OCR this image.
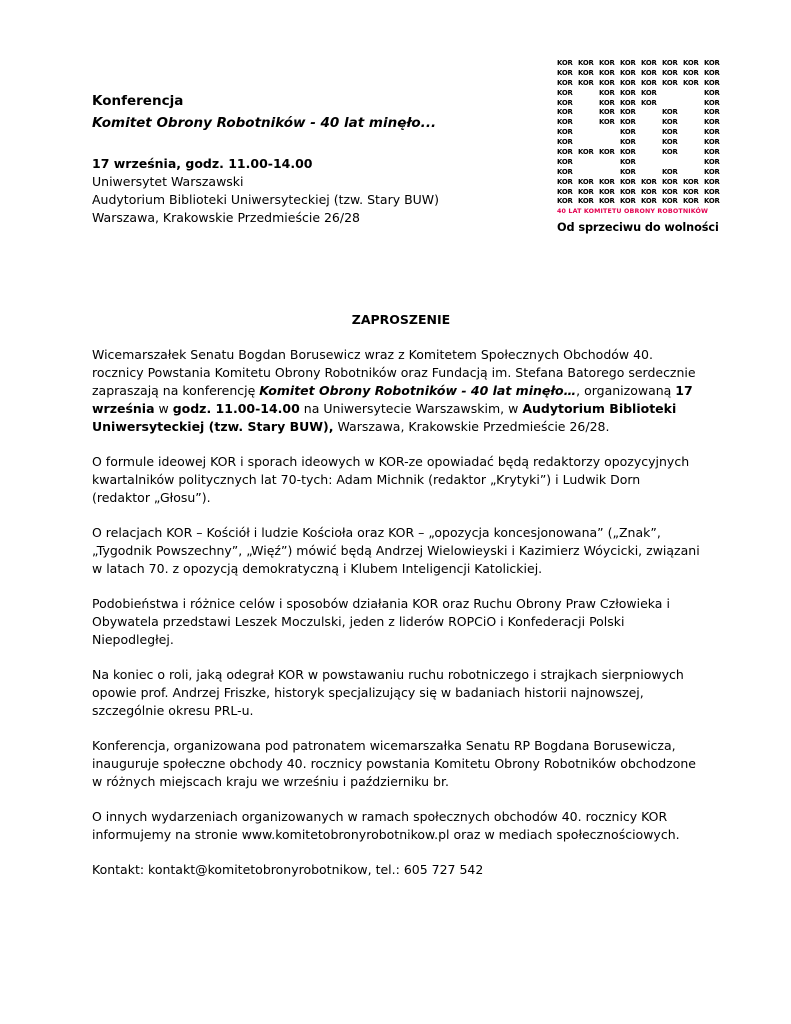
Konferencja

Komitet Obrony Robotników - 40 lat minęło...

17 września, godz. 11.00-14.00
Uniwersytet Warszawski
Audytorium Biblioteki Uniwersyteckiej (tzw. Stary BUW)
Warszawa, Krakowskie Przedmieście 26/28
KOR KOR KOR KOR KOR KOR KOR KOR
KOR KOR KOR KOR KOR KOR KOR KOR
KOR KOR KOR KOR KOR KOR KOR KOR
KOR	KOR KOR KOR	KOR
KOR	KOR KOR KOR	KOR
KOR	KOR KOR	KOR	KOR
KOR	KOR KOR	KOR	KOR
KOR	KOR	KOR	KOR
KOR	KOR	KOR	KOR
KOR KOR KOR KOR	KOR	KOR
KOR	KOR	KOR
KOR	KOR	KOR	KOR
KOR KOR KOR KOR KOR KOR KOR KOR
KOR KOR KOR KOR KOR KOR KOR KOR
KOR KOR KOR KOR KOR KOR KOR KOR
40 LAT KOMITETU OBRONY ROBOTNIKÓW
Od sprzeciwu do wolności
ZAPROSZENIE

Wicemarszałek Senatu Bogdan Borusewicz wraz z Komitetem Społecznych Obchodów 40. rocznicy Powstania Komitetu Obrony Robotników oraz Fundacją im. Stefana Batorego serdecznie zapraszają na konferencję Komitet Obrony Robotników - 40 lat minęło…, organizowaną 17 września w godz. 11.00-14.00 na Uniwersytecie Warszawskim, w Audytorium Biblioteki Uniwersyteckiej (tzw. Stary BUW), Warszawa, Krakowskie Przedmieście 26/28.

O formule ideowej KOR i sporach ideowych w KOR-ze opowiadać będą redaktorzy opozycyjnych kwartalników politycznych lat 70-tych: Adam Michnik (redaktor „Krytyki”) i Ludwik Dorn (redaktor „Głosu”).

O relacjach KOR – Kościół i ludzie Kościoła oraz KOR – „opozycja koncesjonowana” („Znak”, „Tygodnik Powszechny”, „Więź”) mówić będą Andrzej Wielowieyski i Kazimierz Wóycicki, związani w latach 70. z opozycją demokratyczną i Klubem Inteligencji Katolickiej.

Podobieństwa i różnice celów i sposobów działania KOR oraz Ruchu Obrony Praw Człowieka i Obywatela przedstawi Leszek Moczulski, jeden z liderów ROPCiO i Konfederacji Polski Niepodległej.

Na koniec o roli, jaką odegrał KOR w powstawaniu ruchu robotniczego i strajkach sierpniowych opowie prof. Andrzej Friszke, historyk specjalizujący się w badaniach historii najnowszej, szczególnie okresu PRL-u.

Konferencja, organizowana pod patronatem wicemarszałka Senatu RP Bogdana Borusewicza, inauguruje społeczne obchody 40. rocznicy powstania Komitetu Obrony Robotników obchodzone w różnych miejscach kraju we wrześniu i październiku br.

O innych wydarzeniach organizowanych w ramach społecznych obchodów 40. rocznicy KOR informujemy na stronie www.komitetobronyrobotnikow.pl oraz w mediach społecznościowych.

Kontakt: kontakt@komitetobronyrobotnikow, tel.: 605 727 542
